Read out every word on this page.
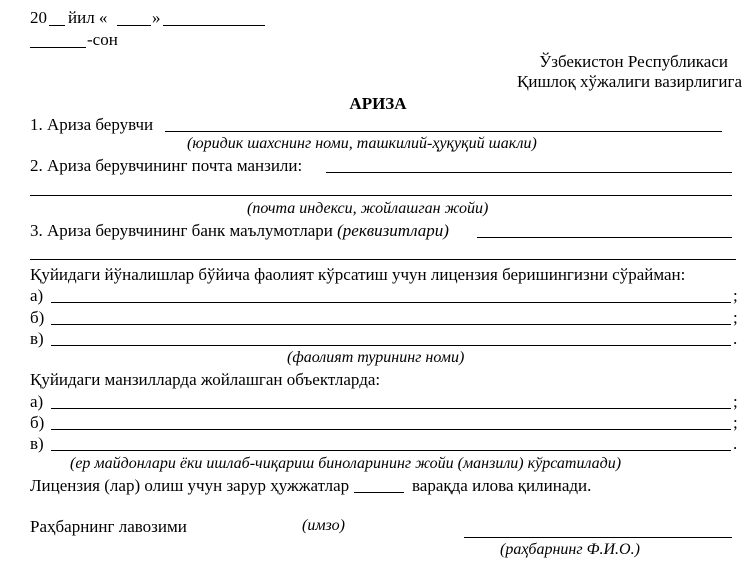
20 йил «	»
-сон
Ўзбекистон Республикаси
Қишлоқ хўжалиги вазирлигига
АРИЗА
1. Ариза берувчи
(юридик шахснинг номи, ташкилий-ҳуқуқий шакли)
2. Ариза берувчининг почта манзили:
(почта индекси, жойлашган жойи)
3. Ариза берувчининг банк маълумотлари (реквизитлари)
Қуйидаги йўналишлар бўйича фаолият кўрсатиш учун лицензия беришингизни сўрайман:
а)	;
б)	;
в)	.
(фаолият турининг номи)
Қуйидаги манзилларда жойлашган объектларда:
а)	;
б)	;
в)	.
(ер майдонлари ёки ишлаб-чиқариш биноларининг жойи (манзили) кўрсатилади)
Лицензия (лар) олиш учун зарур ҳужжатлар	варақда илова қилинади.
Раҳбарнинг лавозими	(имзо)
(раҳбарнинг Ф.И.О.)
